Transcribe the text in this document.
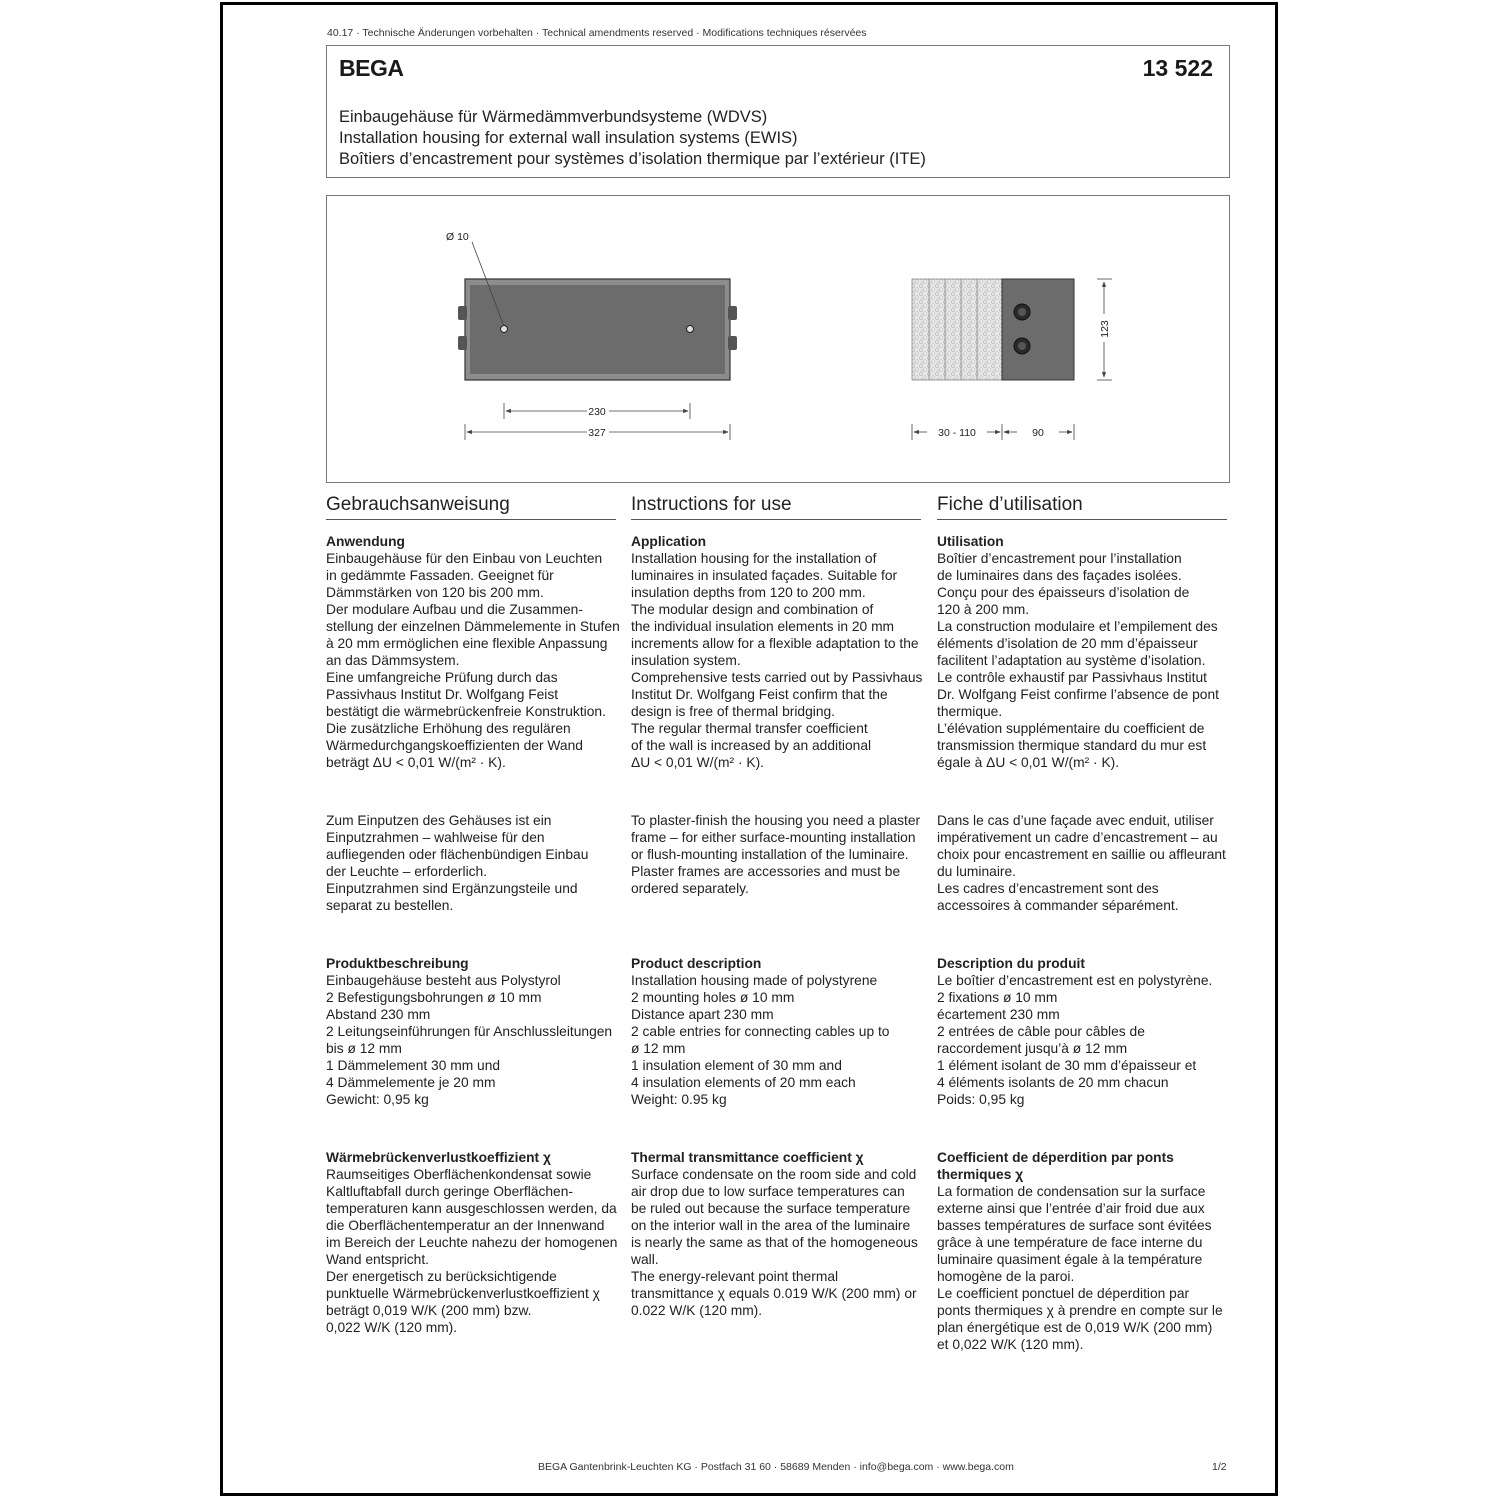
40.17 · Technische Änderungen vorbehalten · Technical amendments reserved · Modifications techniques réservées
BEGA	13 522
Einbaugehäuse für Wärmedämmverbundsysteme (WDVS)
Installation housing for external wall insulation systems (EWIS)
Boîtiers d’encastrement pour systèmes d’isolation thermique par l’extérieur (ITE)
Ø 10
230
327	30 - 110	90
123
Gebrauchsanweisung
Anwendung
Einbaugehäuse für den Einbau von Leuchten
in gedämmte Fassaden. Geeignet für
Dämmstärken von 120 bis 200 mm.
Der modulare Aufbau und die Zusammen-
stellung der einzelnen Dämmelemente in Stufen
à 20 mm ermöglichen eine flexible Anpassung
an das Dämmsystem.
Eine umfangreiche Prüfung durch das
Passivhaus Institut Dr. Wolfgang Feist
bestätigt die wärmebrückenfreie Konstruktion.
Die zusätzliche Erhöhung des regulären
Wärmedurchgangskoeffizienten der Wand
beträgt ΔU < 0,01 W/(m² · K).
Zum Einputzen des Gehäuses ist ein
Einputzrahmen – wahlweise für den
aufliegenden oder flächenbündigen Einbau
der Leuchte – erforderlich.
Einputzrahmen sind Ergänzungsteile und
separat zu bestellen.
Produktbeschreibung
Einbaugehäuse besteht aus Polystyrol
2 Befestigungsbohrungen ø 10 mm
Abstand 230 mm
2 Leitungseinführungen für Anschlussleitungen
bis ø 12 mm
1 Dämmelement 30 mm und
4 Dämmelemente je 20 mm
Gewicht: 0,95 kg
Wärmebrückenverlustkoeffizient χ
Raumseitiges Oberflächenkondensat sowie
Kaltluftabfall durch geringe Oberflächen-
temperaturen kann ausgeschlossen werden, da
die Oberflächentemperatur an der Innenwand
im Bereich der Leuchte nahezu der homogenen
Wand entspricht.
Der energetisch zu berücksichtigende
punktuelle Wärmebrückenverlustkoeffizient χ
beträgt 0,019 W/K (200 mm) bzw.
0,022 W/K (120 mm).
Instructions for use
Application
Installation housing for the installation of
luminaires in insulated façades. Suitable for
insulation depths from 120 to 200 mm.
The modular design and combination of
the individual insulation elements in 20 mm
increments allow for a flexible adaptation to the
insulation system.
Comprehensive tests carried out by Passivhaus
Institut Dr. Wolfgang Feist confirm that the
design is free of thermal bridging.
The regular thermal transfer coefficient
of the wall is increased by an additional
ΔU < 0,01 W/(m² · K).
To plaster-finish the housing you need a plaster
frame – for either surface-mounting installation
or flush-mounting installation of the luminaire.
Plaster frames are accessories and must be
ordered separately.
Product description
Installation housing made of polystyrene
2 mounting holes ø 10 mm
Distance apart 230 mm
2 cable entries for connecting cables up to
ø 12 mm
1 insulation element of 30 mm and
4 insulation elements of 20 mm each
Weight: 0.95 kg
Thermal transmittance coefficient χ
Surface condensate on the room side and cold
air drop due to low surface temperatures can
be ruled out because the surface temperature
on the interior wall in the area of the luminaire
is nearly the same as that of the homogeneous
wall.
The energy-relevant point thermal
transmittance χ equals 0.019 W/K (200 mm) or
0.022 W/K (120 mm).
Fiche d’utilisation
Utilisation
Boîtier d’encastrement pour l’installation
de luminaires dans des façades isolées.
Conçu pour des épaisseurs d’isolation de
120 à 200 mm.
La construction modulaire et l’empilement des
éléments d’isolation de 20 mm d’épaisseur
facilitent l’adaptation au système d’isolation.
Le contrôle exhaustif par Passivhaus Institut
Dr. Wolfgang Feist confirme l’absence de pont
thermique.
L’élévation supplémentaire du coefficient de
transmission thermique standard du mur est
égale à ΔU < 0,01 W/(m² · K).
Dans le cas d’une façade avec enduit, utiliser
impérativement un cadre d’encastrement – au
choix pour encastrement en saillie ou affleurant
du luminaire.
Les cadres d’encastrement sont des
accessoires à commander séparément.
Description du produit
Le boîtier d’encastrement est en polystyrène.
2 fixations ø 10 mm
écartement 230 mm
2 entrées de câble pour câbles de
raccordement jusqu’à ø 12 mm
1 élément isolant de 30 mm d’épaisseur et
4 éléments isolants de 20 mm chacun
Poids: 0,95 kg
Coefficient de déperdition par ponts
thermiques χ
La formation de condensation sur la surface
externe ainsi que l’entrée d’air froid due aux
basses températures de surface sont évitées
grâce à une température de face interne du
luminaire quasiment égale à la température
homogène de la paroi.
Le coefficient ponctuel de déperdition par
ponts thermiques χ à prendre en compte sur le
plan énergétique est de 0,019 W/K (200 mm)
et 0,022 W/K (120 mm).
BEGA Gantenbrink-Leuchten KG · Postfach 31 60 · 58689 Menden · info@bega.com · www.bega.com	1/2
